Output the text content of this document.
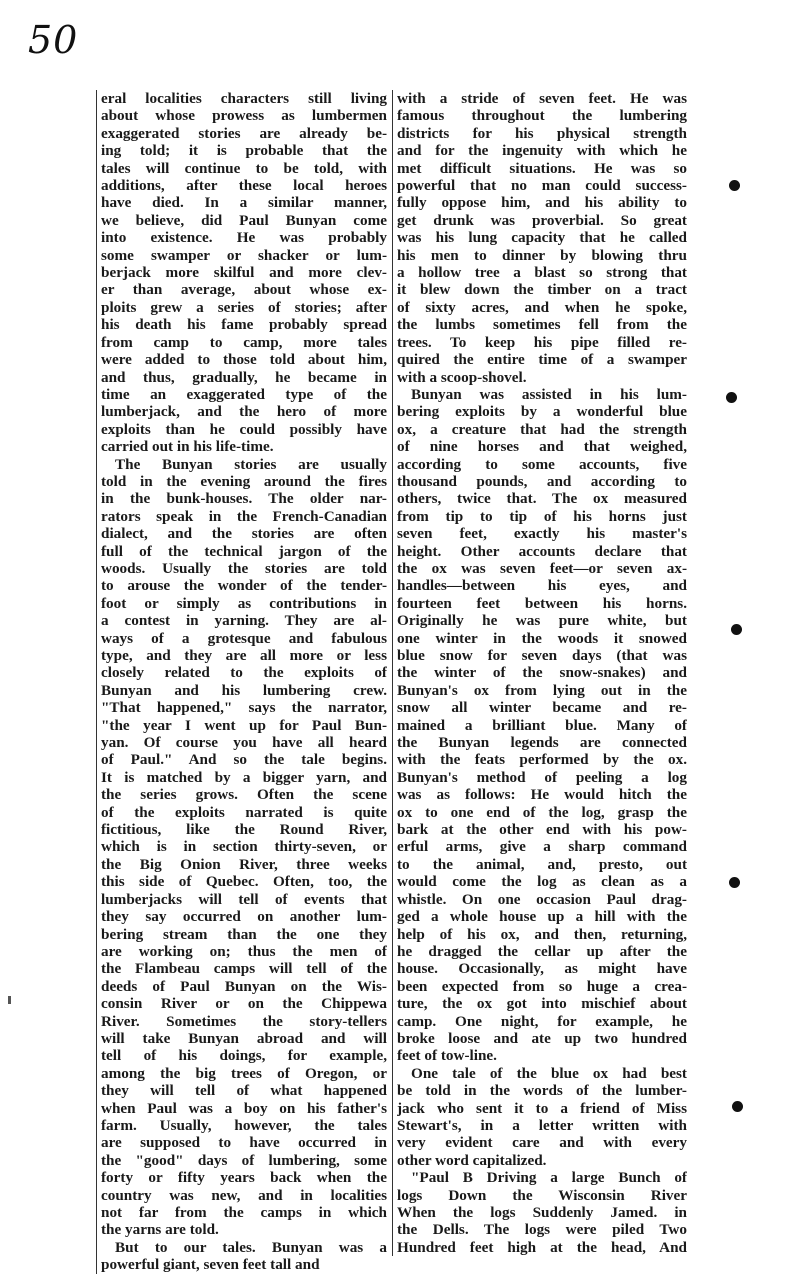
50
eral localities characters still living
about whose prowess as lumbermen
exaggerated stories are already be-
ing told; it is probable that the
tales will continue to be told, with
additions, after these local heroes
have died. In a similar manner,
we believe, did Paul Bunyan come
into existence. He was probably
some swamper or shacker or lum-
berjack more skilful and more clev-
er than average, about whose ex-
ploits grew a series of stories; after
his death his fame probably spread
from camp to camp, more tales
were added to those told about him,
and thus, gradually, he became in
time an exaggerated type of the
lumberjack, and the hero of more
exploits than he could possibly have
carried out in his life-time.
The Bunyan stories are usually
told in the evening around the fires
in the bunk-houses. The older nar-
rators speak in the French-Canadian
dialect, and the stories are often
full of the technical jargon of the
woods. Usually the stories are told
to arouse the wonder of the tender-
foot or simply as contributions in
a contest in yarning. They are al-
ways of a grotesque and fabulous
type, and they are all more or less
closely related to the exploits of
Bunyan and his lumbering crew.
"That happened," says the narrator,
"the year I went up for Paul Bun-
yan. Of course you have all heard
of Paul." And so the tale begins.
It is matched by a bigger yarn, and
the series grows. Often the scene
of the exploits narrated is quite
fictitious, like the Round River,
which is in section thirty-seven, or
the Big Onion River, three weeks
this side of Quebec. Often, too, the
lumberjacks will tell of events that
they say occurred on another lum-
bering stream than the one they
are working on; thus the men of
the Flambeau camps will tell of the
deeds of Paul Bunyan on the Wis-
consin River or on the Chippewa
River. Sometimes the story-tellers
will take Bunyan abroad and will
tell of his doings, for example,
among the big trees of Oregon, or
they will tell of what happened
when Paul was a boy on his father's
farm. Usually, however, the tales
are supposed to have occurred in
the "good" days of lumbering, some
forty or fifty years back when the
country was new, and in localities
not far from the camps in which
the yarns are told.
But to our tales. Bunyan was a
powerful giant, seven feet tall and
with a stride of seven feet. He was
famous throughout the lumbering
districts for his physical strength
and for the ingenuity with which he
met difficult situations. He was so
powerful that no man could success-
fully oppose him, and his ability to
get drunk was proverbial. So great
was his lung capacity that he called
his men to dinner by blowing thru
a hollow tree a blast so strong that
it blew down the timber on a tract
of sixty acres, and when he spoke,
the lumbs sometimes fell from the
trees. To keep his pipe filled re-
quired the entire time of a swamper
with a scoop-shovel.
Bunyan was assisted in his lum-
bering exploits by a wonderful blue
ox, a creature that had the strength
of nine horses and that weighed,
according to some accounts, five
thousand pounds, and according to
others, twice that. The ox measured
from tip to tip of his horns just
seven feet, exactly his master's
height. Other accounts declare that
the ox was seven feet—or seven ax-
handles—between his eyes, and
fourteen feet between his horns.
Originally he was pure white, but
one winter in the woods it snowed
blue snow for seven days (that was
the winter of the snow-snakes) and
Bunyan's ox from lying out in the
snow all winter became and re-
mained a brilliant blue. Many of
the Bunyan legends are connected
with the feats performed by the ox.
Bunyan's method of peeling a log
was as follows: He would hitch the
ox to one end of the log, grasp the
bark at the other end with his pow-
erful arms, give a sharp command
to the animal, and, presto, out
would come the log as clean as a
whistle. On one occasion Paul drag-
ged a whole house up a hill with the
help of his ox, and then, returning,
he dragged the cellar up after the
house. Occasionally, as might have
been expected from so huge a crea-
ture, the ox got into mischief about
camp. One night, for example, he
broke loose and ate up two hundred
feet of tow-line.
One tale of the blue ox had best
be told in the words of the lumber-
jack who sent it to a friend of Miss
Stewart's, in a letter written with
very evident care and with every
other word capitalized.
"Paul B Driving a large Bunch of
logs Down the Wisconsin River
When the logs Suddenly Jamed. in
the Dells. The logs were piled Two
Hundred feet high at the head, And
